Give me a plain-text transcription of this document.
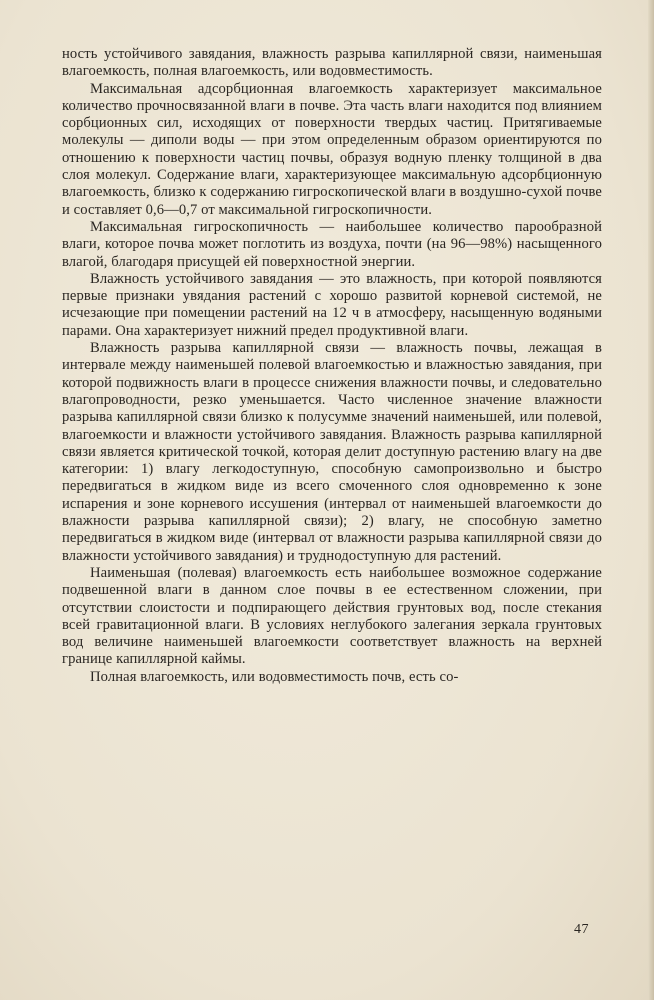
ность устойчивого завядания, влажность разрыва капиллярной связи, наименьшая влагоемкость, полная влагоемкость, или водовместимость.

Максимальная адсорбционная влагоемкость характеризует максимальное количество прочносвязанной влаги в почве. Эта часть влаги находится под влиянием сорбционных сил, исходящих от поверхности твердых частиц. Притягиваемые молекулы — диполи воды — при этом определенным образом ориентируются по отношению к поверхности частиц почвы, образуя водную пленку толщиной в два слоя молекул. Содержание влаги, характеризующее максимальную адсорбционную влагоемкость, близко к содержанию гигроскопической влаги в воздушно-сухой почве и составляет 0,6—0,7 от максимальной гигроскопичности.

Максимальная гигроскопичность — наибольшее количество парообразной влаги, которое почва может поглотить из воздуха, почти (на 96—98%) насыщенного влагой, благодаря присущей ей поверхностной энергии.

Влажность устойчивого завядания — это влажность, при которой появляются первые признаки увядания растений с хорошо развитой корневой системой, не исчезающие при помещении растений на 12 ч в атмосферу, насыщенную водяными парами. Она характеризует нижний предел продуктивной влаги.

Влажность разрыва капиллярной связи — влажность почвы, лежащая в интервале между наименьшей полевой влагоемкостью и влажностью завядания, при которой подвижность влаги в процессе снижения влажности почвы, и следовательно влагопроводности, резко уменьшается. Часто численное значение влажности разрыва капиллярной связи близко к полусумме значений наименьшей, или полевой, влагоемкости и влажности устойчивого завядания. Влажность разрыва капиллярной связи является критической точкой, которая делит доступную растению влагу на две категории: 1) влагу легкодоступную, способную самопроизвольно и быстро передвигаться в жидком виде из всего смоченного слоя одновременно к зоне испарения и зоне корневого иссушения (интервал от наименьшей влагоемкости до влажности разрыва капиллярной связи); 2) влагу, не способную заметно передвигаться в жидком виде (интервал от влажности разрыва капиллярной связи до влажности устойчивого завядания) и труднодоступную для растений.

Наименьшая (полевая) влагоемкость есть наибольшее возможное содержание подвешенной влаги в данном слое почвы в ее естественном сложении, при отсутствии слоистости и подпирающего действия грунтовых вод, после стекания всей гравитационной влаги. В условиях неглубокого залегания зеркала грунтовых вод величине наименьшей влагоемкости соответствует влажность на верхней границе капиллярной каймы.

Полная влагоемкость, или водовместимость почв, есть со-

47
